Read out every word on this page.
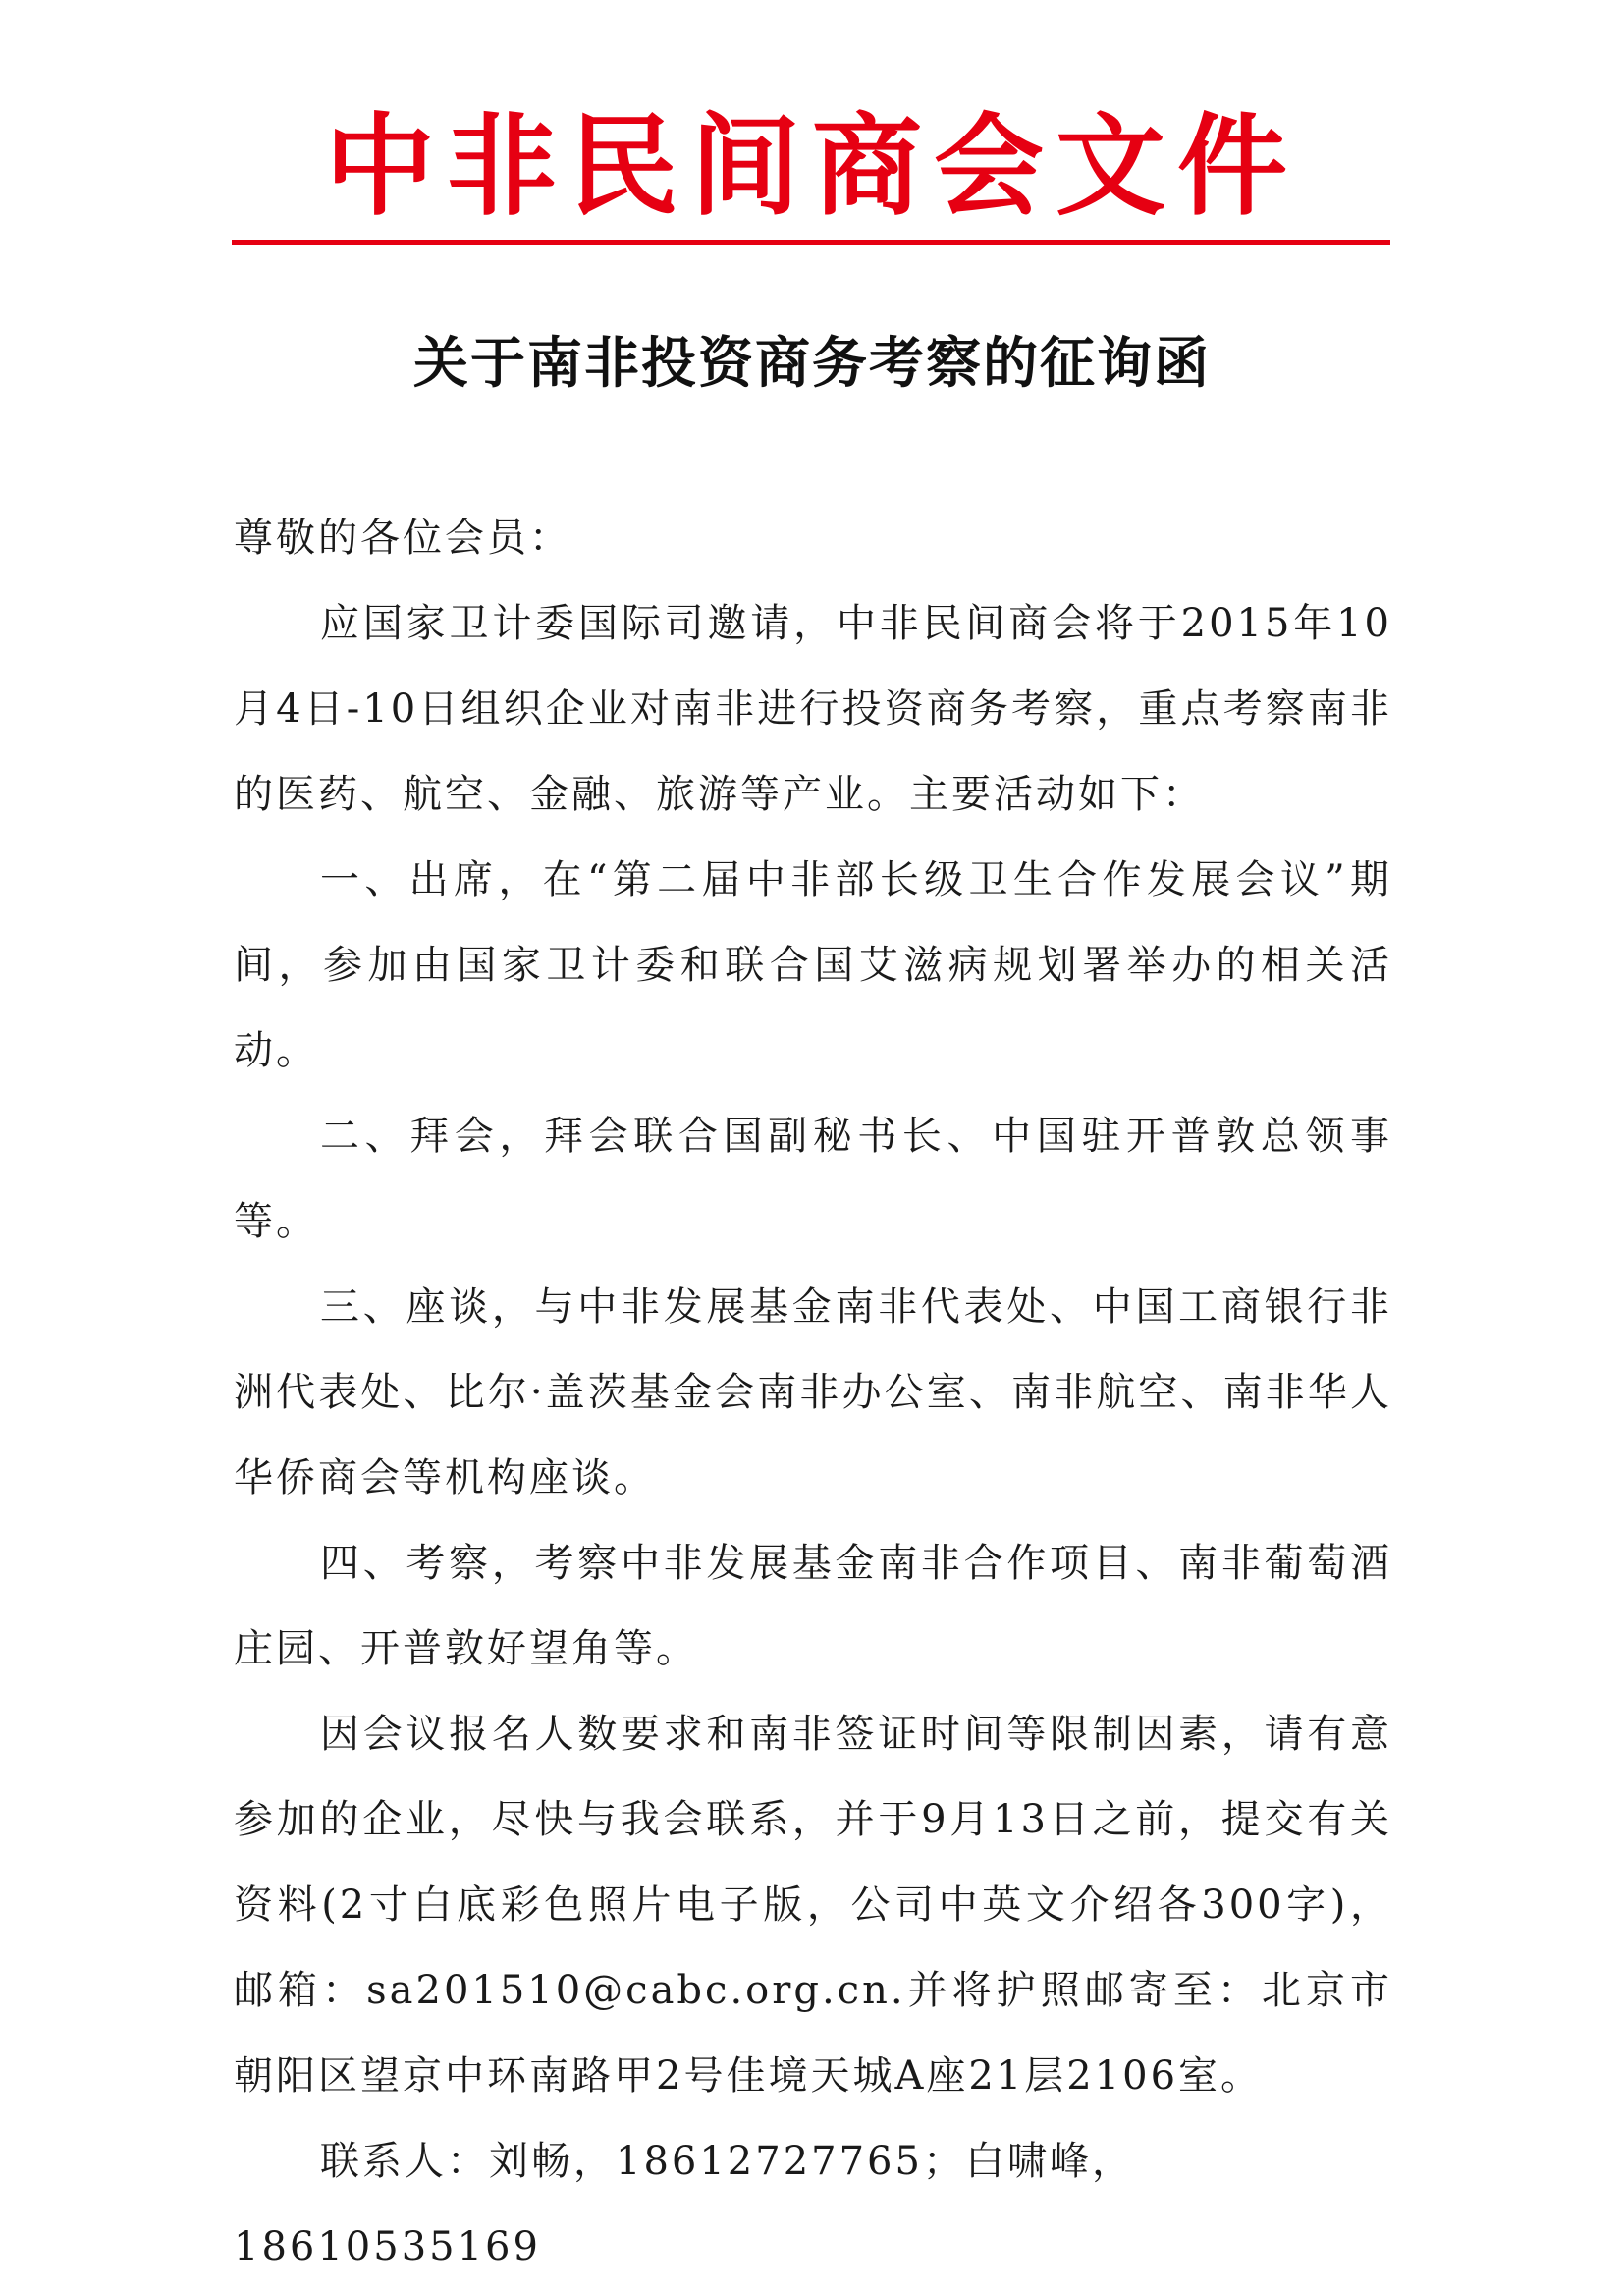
中非民间商会文件
关于南非投资商务考察的征询函

尊敬的各位会员：

应国家卫计委国际司邀请，中非民间商会将于2015年10月4日-10日组织企业对南非进行投资商务考察，重点考察南非的医药、航空、金融、旅游等产业。主要活动如下：

一、出席，在“第二届中非部长级卫生合作发展会议”期间，参加由国家卫计委和联合国艾滋病规划署举办的相关活动。

二、拜会，拜会联合国副秘书长、中国驻开普敦总领事等。

三、座谈，与中非发展基金南非代表处、中国工商银行非洲代表处、比尔·盖茨基金会南非办公室、南非航空、南非华人华侨商会等机构座谈。

四、考察，考察中非发展基金南非合作项目、南非葡萄酒庄园、开普敦好望角等。

因会议报名人数要求和南非签证时间等限制因素，请有意参加的企业，尽快与我会联系，并于9月13日之前，提交有关资料(2寸白底彩色照片电子版，公司中英文介绍各300字)，邮箱：sa201510@cabc.org.cn.并将护照邮寄至：北京市朝阳区望京中环南路甲2号佳境天城A座21层2106室。

联系人：刘畅，18612727765；白啸峰，18610535169
